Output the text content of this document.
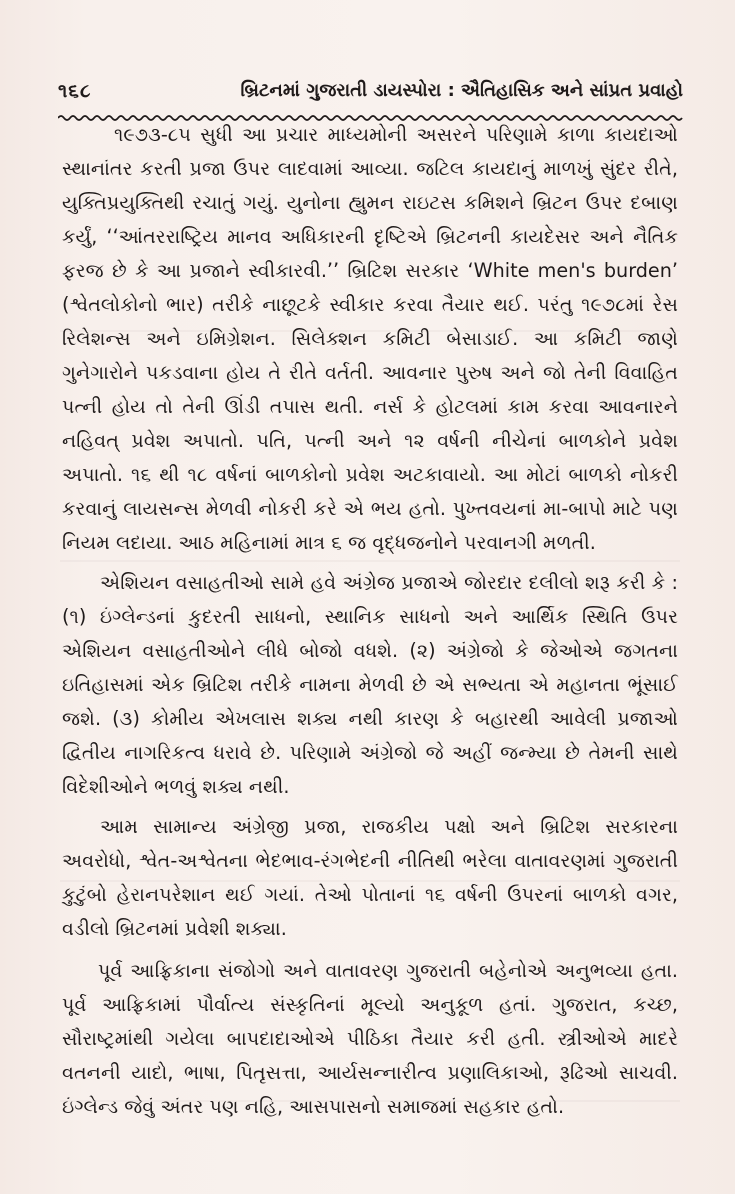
૧૬૮	બ્રિટનમાં ગુજરાતી ડાયસ્પોરા : ઐતિહાસિક અને સાંપ્રત પ્રવાહો

૧૯૭૩-૮૫ સુધી આ પ્રચાર માધ્યમોની અસરને પરિણામે કાળા કાયદાઓ સ્થાનાંતર કરતી પ્રજા ઉપર લાદવામાં આવ્યા. જટિલ કાયદાનું માળખું સુંદર રીતે, યુક્તિપ્રયુક્તિથી રચાતું ગયું. યુનોના હ્યુમન રાઇટસ કમિશને બ્રિટન ઉપર દબાણ કર્યું, ‘‘આંતરરાષ્ટ્રિય માનવ અધિકારની દૃષ્ટિએ બ્રિટનની કાયદેસર અને નૈતિક ફરજ છે કે આ પ્રજાને સ્વીકારવી.’’ બ્રિટિશ સરકાર ‘White men's burden’ (શ્વેતલોકોનો ભાર) તરીકે નાછૂટકે સ્વીકાર કરવા તૈયાર થઈ. પરંતુ ૧૯૭૮માં રેસ રિલેશન્સ અને ઇમિગ્રેશન. સિલેક્શન કમિટી બેસાડાઈ. આ કમિટી જાણે ગુનેગારોને પકડવાના હોય તે રીતે વર્તતી. આવનાર પુરુષ અને જો તેની વિવાહિત પત્ની હોય તો તેની ઊંડી તપાસ થતી. નર્સ કે હોટલમાં કામ કરવા આવનારને નહિવત્ પ્રવેશ અપાતો. પતિ, પત્ની અને ૧૨ વર્ષની નીચેનાં બાળકોને પ્રવેશ અપાતો. ૧૬ થી ૧૮ વર્ષનાં બાળકોનો પ્રવેશ અટકાવાયો. આ મોટાં બાળકો નોકરી કરવાનું લાયસન્સ મેળવી નોકરી કરે એ ભય હતો. પુખ્તવયનાં મા-બાપો માટે પણ નિયમ લદાયા. આઠ મહિનામાં માત્ર ૬ જ વૃદ્ધજનોને પરવાનગી મળતી.

એશિયન વસાહતીઓ સામે હવે અંગ્રેજ પ્રજાએ જોરદાર દલીલો શરૂ કરી કે : (૧) ઇંગ્લેન્ડનાં કુદરતી સાધનો, સ્થાનિક સાધનો અને આર્થિક સ્થિતિ ઉપર એશિયન વસાહતીઓને લીધે બોજો વધશે. (૨) અંગ્રેજો કે જેઓએ જગતના ઇતિહાસમાં એક બ્રિટિશ તરીકે નામના મેળવી છે એ સભ્યતા એ મહાનતા ભૂંસાઈ જશે. (૩) કોમીય એખલાસ શક્ય નથી કારણ કે બહારથી આવેલી પ્રજાઓ દ્વિતીય નાગરિકત્વ ધરાવે છે. પરિણામે અંગ્રેજો જે અહીં જન્મ્યા છે તેમની સાથે વિદેશીઓને ભળવું શક્ય નથી.

આમ સામાન્ય અંગ્રેજી પ્રજા, રાજકીય પક્ષો અને બ્રિટિશ સરકારના અવરોધો, શ્વેત-અશ્વેતના ભેદભાવ-રંગભેદની નીતિથી ભરેલા વાતાવરણમાં ગુજરાતી કુટુંબો હેરાનપરેશાન થઈ ગયાં. તેઓ પોતાનાં ૧૬ વર્ષની ઉપરનાં બાળકો વગર, વડીલો બ્રિટનમાં પ્રવેશી શક્યા.

પૂર્વ આફ્રિકાના સંજોગો અને વાતાવરણ ગુજરાતી બહેનોએ અનુભવ્યા હતા. પૂર્વ આફ્રિકામાં પૌર્વાત્ય સંસ્કૃતિનાં મૂલ્યો અનુકૂળ હતાં. ગુજરાત, કચ્છ, સૌરાષ્ટ્રમાંથી ગયેલા બાપદાદાઓએ પીઠિકા તૈયાર કરી હતી. સ્ત્રીઓએ માદરે વતનની યાદો, ભાષા, પિતૃસત્તા, આર્યસન્નારીત્વ પ્રણાલિકાઓ, રૂઢિઓ સાચવી. ઇંગ્લેન્ડ જેવું અંતર પણ નહિ, આસપાસનો સમાજમાં સહકાર હતો.
